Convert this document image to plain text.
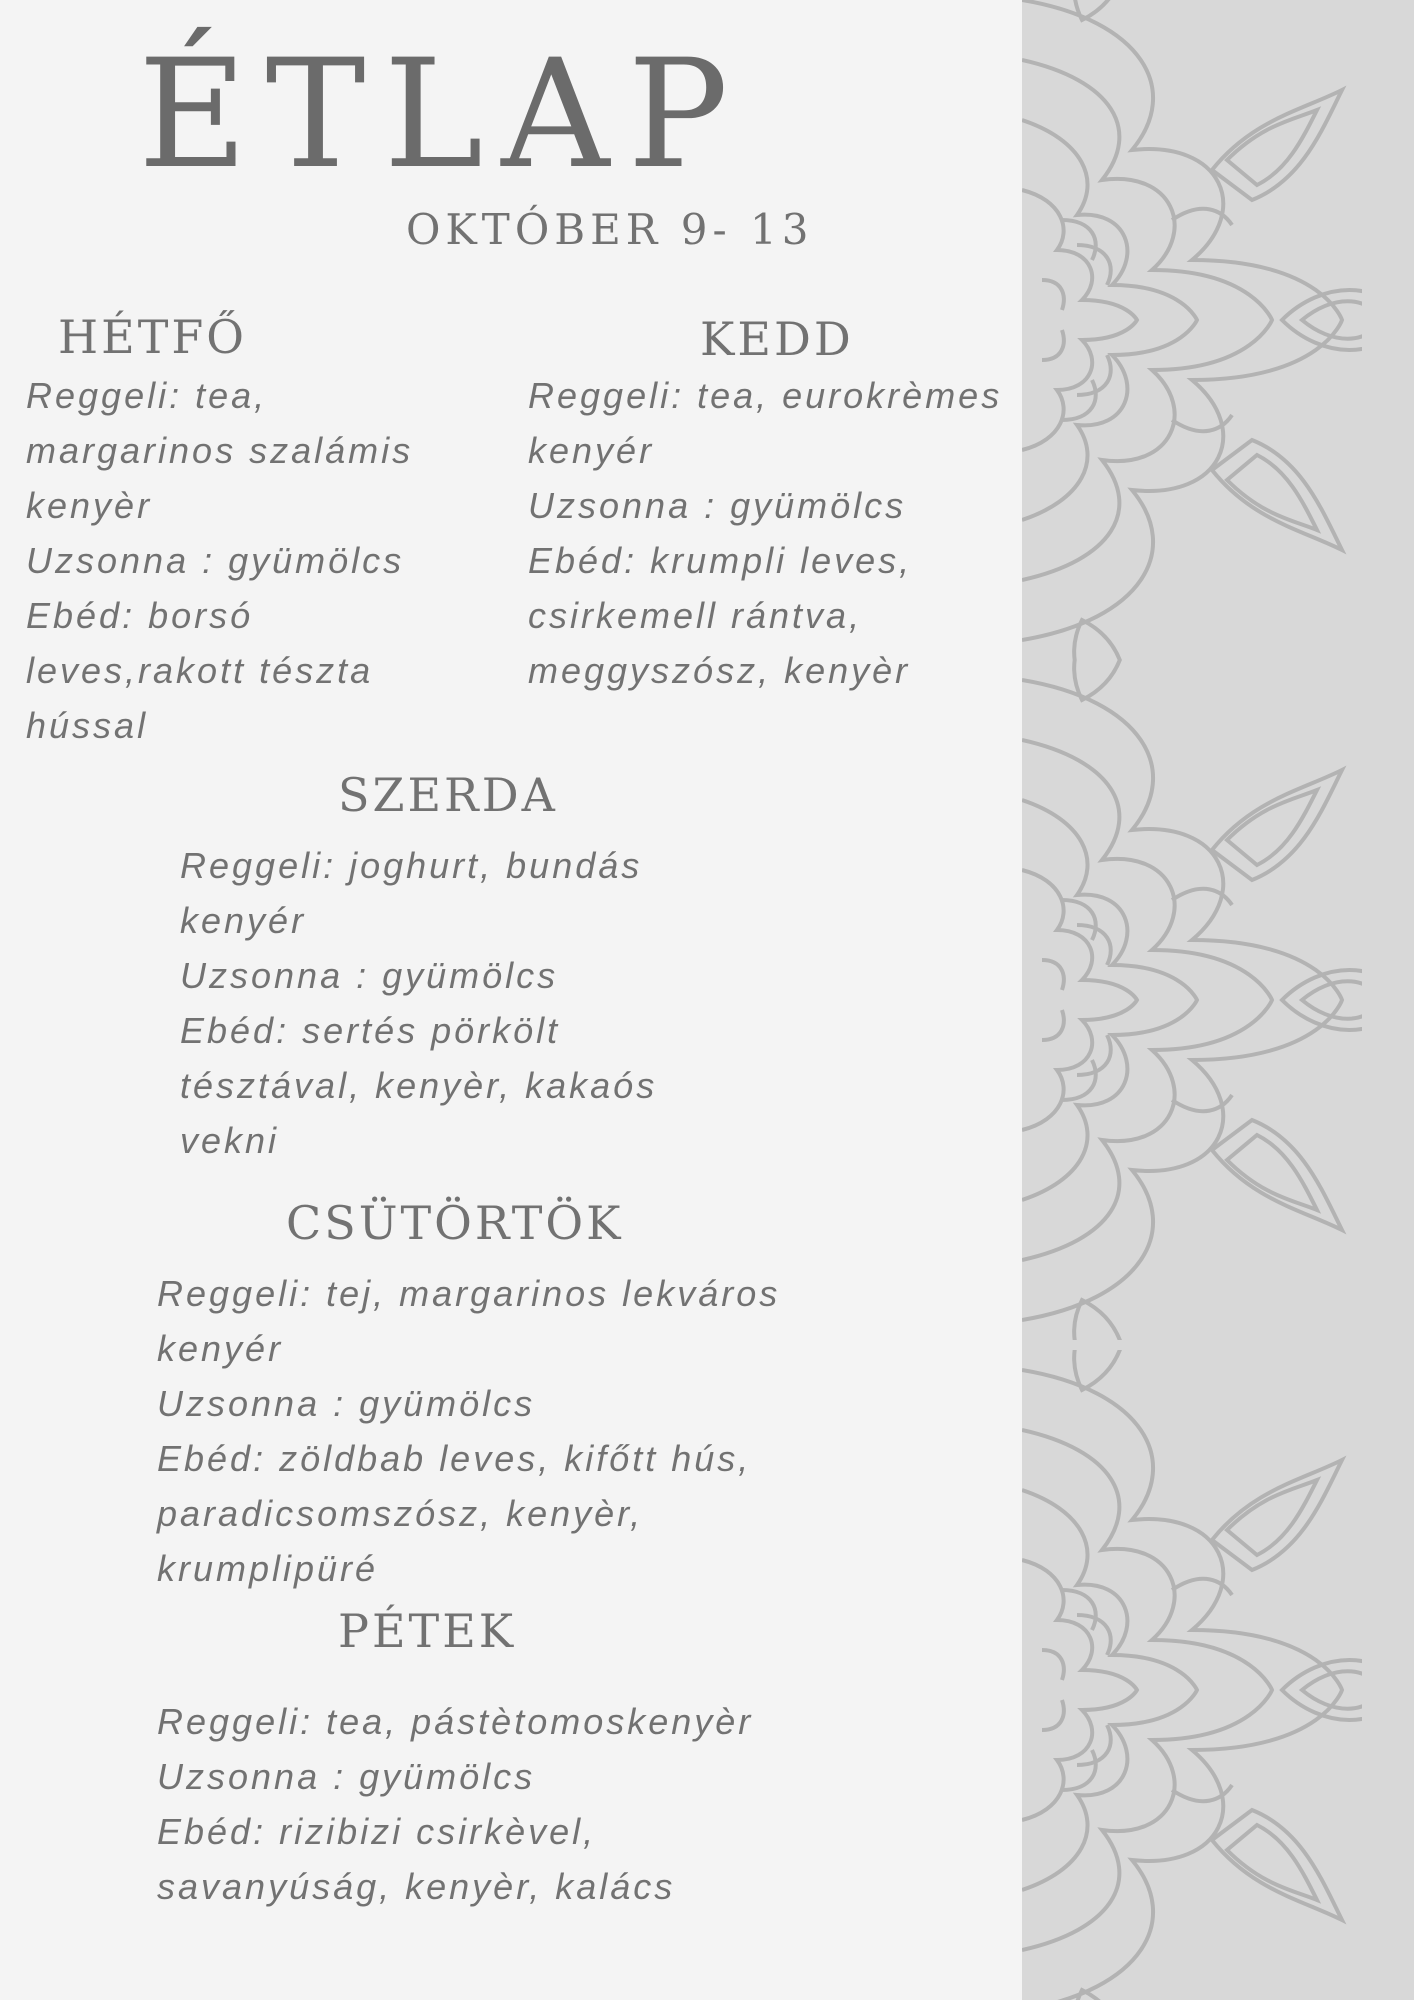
ÉTLAP
OKTÓBER 9- 13
HÉTFŐ

Reggeli: tea, margarinos szalámis kenyèr

Uzsonna : gyümölcs

Ebéd: borsó leves,rakott tészta hússal

KEDD

Reggeli: tea, eurokrèmes kenyér

Uzsonna : gyümölcs

Ebéd: krumpli leves, csirkemell rántva, meggyszósz, kenyèr

SZERDA

Reggeli: joghurt, bundás kenyér

Uzsonna : gyümölcs

Ebéd: sertés pörkölt tésztával, kenyèr, kakaós vekni

CSÜTÖRTÖK

Reggeli: tej, margarinos lekváros kenyér

Uzsonna : gyümölcs

Ebéd: zöldbab leves, kifőtt hús, paradicsomszósz, kenyèr, krumplipüré

PÉTEK

Reggeli: tea, pástètomoskenyèr

Uzsonna : gyümölcs

Ebéd: rizibizi csirkèvel, savanyúság, kenyèr, kalács
